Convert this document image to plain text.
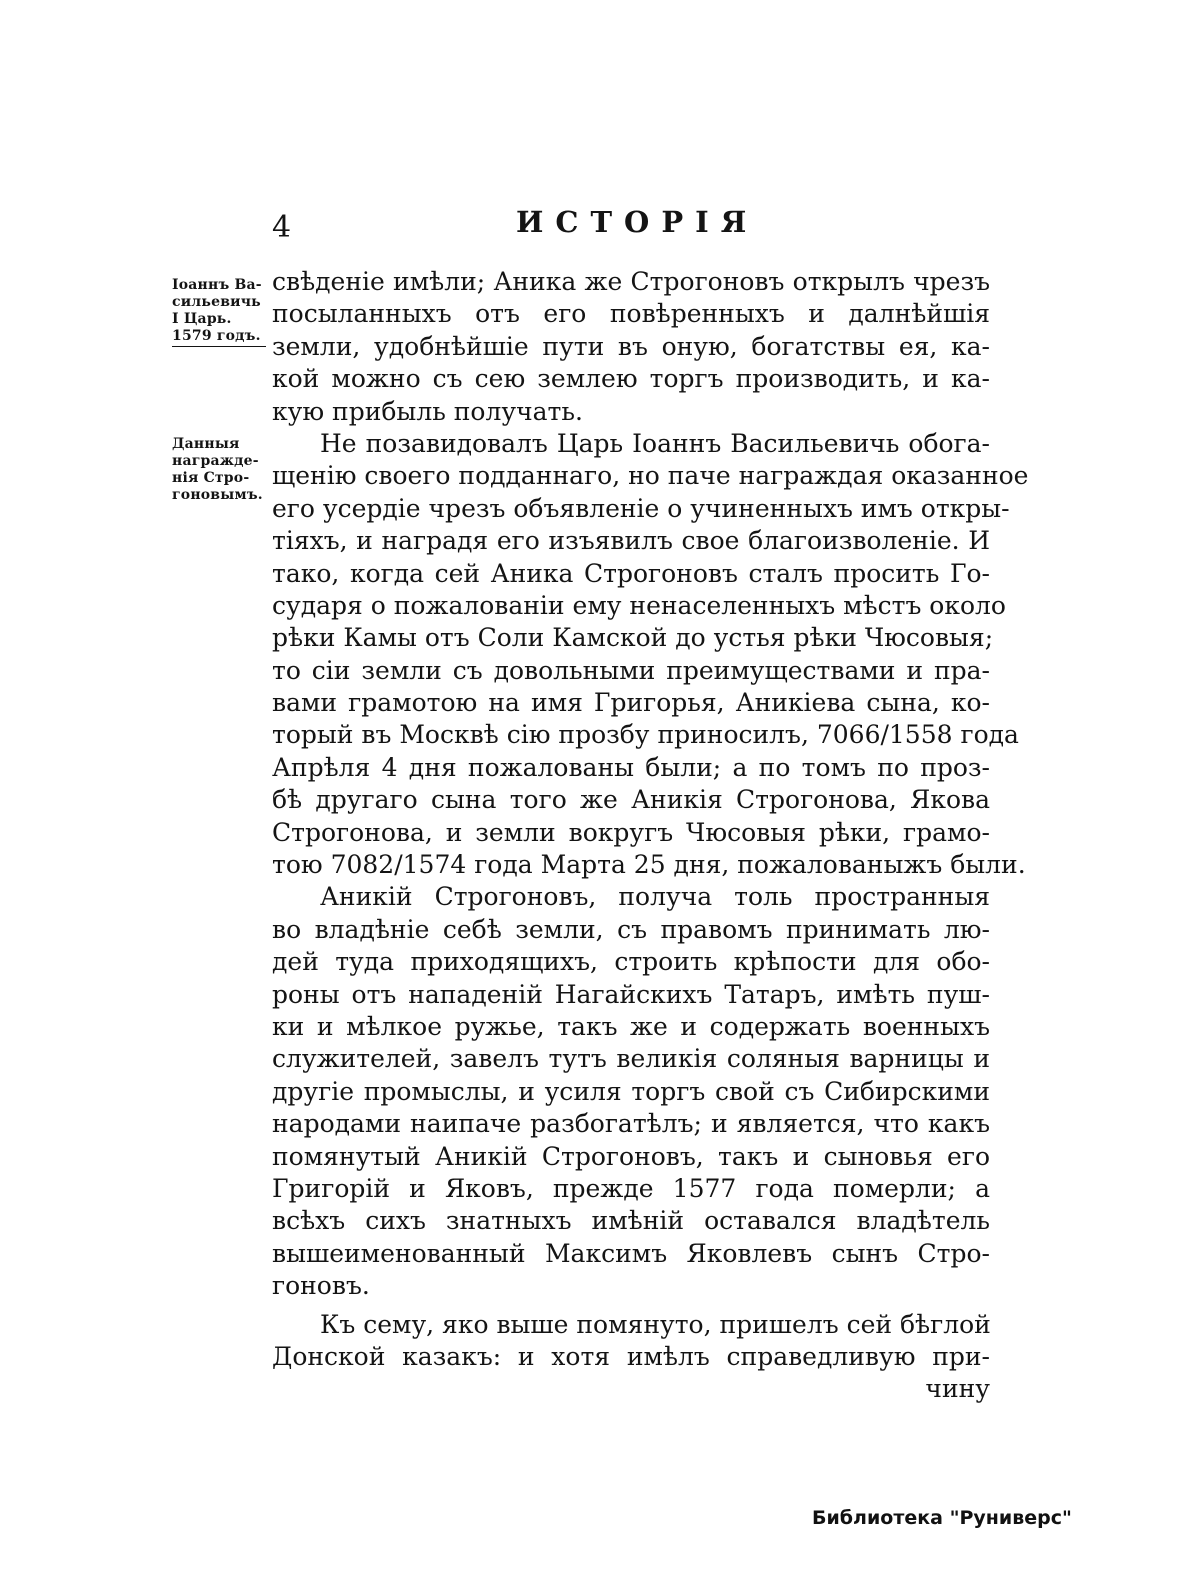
4	ИСТОРІЯ
Іоаннъ Ва-
сильевичь
І Царь.
1579 годъ.
Данныя
награжде-
нія Стро-
гоновымъ.
свѣденіе имѣли; Аника же Строгоновъ открылъ чрезъ
посыланныхъ отъ его повѣренныхъ и далнѣйшія
земли, удобнѣйшіе пути въ оную, богатствы ея, ка-
кой можно съ сею землею торгъ производить, и ка-
кую прибыль получать.
Не позавидовалъ Царь Іоаннъ Васильевичь обога-
щенію своего подданнаго, но паче награждая оказанное
его усердіе чрезъ объявленіе о учиненныхъ имъ откры-
тіяхъ, и наградя его изъявилъ свое благоизволеніе. И
тако, когда сей Аника Строгоновъ сталъ просить Го-
сударя о пожалованіи ему ненаселенныхъ мѣстъ около
рѣки Камы отъ Соли Камской до устья рѣки Чюсовыя;
то сіи земли съ довольными преимуществами и пра-
вами грамотою на имя Григорья, Аникіева сына, ко-
торый въ Москвѣ сію прозбу приносилъ, 7066/1558 года
Апрѣля 4 дня пожалованы были; а по томъ по проз-
бѣ другаго сына того же Аникія Строгонова, Якова
Строгонова, и земли вокругъ Чюсовыя рѣки, грамо-
тою 7082/1574 года Марта 25 дня, пожалованыжъ были.
Аникій Строгоновъ, получа толь пространныя
во владѣніе себѣ земли, съ правомъ принимать лю-
дей туда приходящихъ, строить крѣпости для обо-
роны отъ нападеній Нагайскихъ Татаръ, имѣть пуш-
ки и мѣлкое ружье, такъ же и содержать военныхъ
служителей, завелъ тутъ великія соляныя варницы и
другіе промыслы, и усиля торгъ свой съ Сибирскими
народами наипаче разбогатѣлъ; и является, что какъ
помянутый Аникій Строгоновъ, такъ и сыновья его
Григорій и Яковъ, прежде 1577 года померли; а
всѣхъ сихъ знатныхъ имѣній оставался владѣтель
вышеименованный Максимъ Яковлевъ сынъ Стро-
гоновъ.
Къ сему, яко выше помянуто, пришелъ сей бѣглой
Донской казакъ: и хотя имѣлъ справедливую при-
чину
Библиотека "Руниверс"
